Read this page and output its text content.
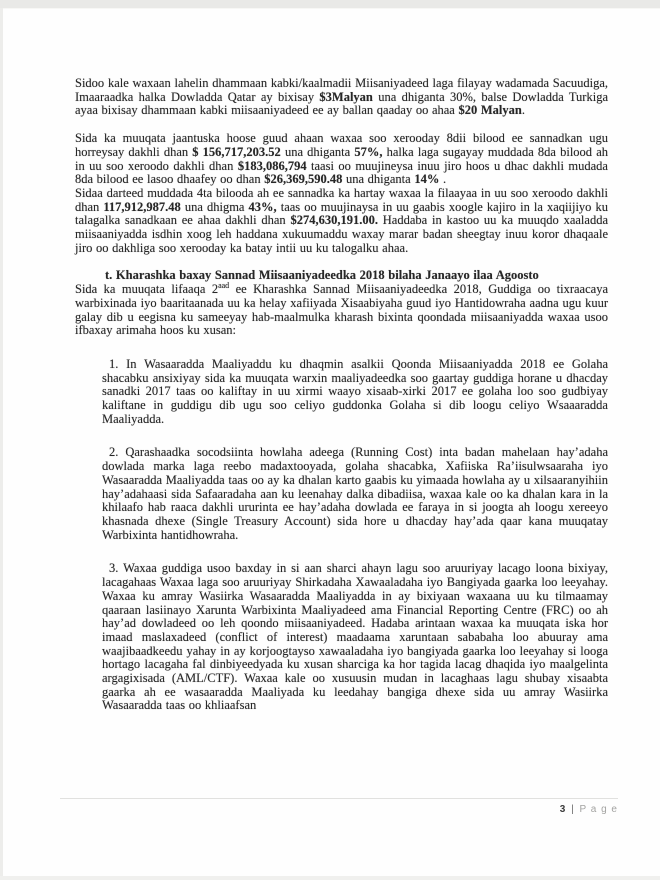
Sidoo kale waxaan lahelin dhammaan kabki/kaalmadii Miisaniyadeed laga filayay wadamada Sacuudiga, Imaaraadka halka Dowladda Qatar ay bixisay $3Malyan una dhiganta 30%, balse Dowladda Turkiga ayaa bixisay dhammaan kabki miisaaniyadeed ee ay ballan qaaday oo ahaa $20 Malyan.

Sida ka muuqata jaantuska hoose guud ahaan waxaa soo xerooday 8dii bilood ee sannadkan ugu horreysay dakhli dhan $ 156,717,203.52 una dhiganta 57%, halka laga sugayay muddada 8da bilood ah in uu soo xeroodo dakhli dhan $183,086,794 taasi oo muujineysa inuu jiro hoos u dhac dakhli mudada 8da bilood ee lasoo dhaafey oo dhan $26,369,590.48 una dhiganta 14% .
Sidaa darteed muddada 4ta bilooda ah ee sannadka ka hartay waxaa la filaayaa in uu soo xeroodo dakhli dhan 117,912,987.48 una dhigma 43%, taas oo muujinaysa in uu gaabis xoogle kajiro in la xaqiijiyo ku talagalka sanadkaan ee ahaa dakhli dhan $274,630,191.00. Haddaba in kastoo uu ka muuqdo xaaladda miisaaniyadda isdhin xoog leh haddana xukuumaddu waxay marar badan sheegtay inuu koror dhaqaale jiro oo dakhliga soo xerooday ka batay intii uu ku talogalku ahaa.

t. Kharashka baxay Sannad Miisaaniyadeedka 2018 bilaha Janaayo ilaa Agoosto

Sida ka muuqata lifaaqa $2^{aad}$ ee Kharashka Sannad Miisaaniyadeedka 2018, Guddiga oo tixraacaya warbixinada iyo baaritaanada uu ka helay xafiiyada Xisaabiyaha guud iyo Hantidowraha aadna ugu kuur galay dib u eegisna ku sameeyay hab-maalmulka kharash bixinta qoondada miisaaniyadda waxaa usoo ifbaxay arimaha hoos ku xusan:

1. In Wasaaradda Maaliyaddu ku dhaqmin asalkii Qoonda Miisaaniyadda 2018 ee Golaha shacabku ansixiyay sida ka muuqata warxin maaliyadeedka soo gaartay guddiga horane u dhacday sanadki 2017 taas oo kaliftay in uu xirmi waayo xisaab-xirki 2017 ee golaha loo soo gudbiyay kaliftane in guddigu dib ugu soo celiyo guddonka Golaha si dib loogu celiyo Wsaaaradda Maaliyadda.

2. Qarashaadka socodsiinta howlaha adeega (Running Cost) inta badan mahelaan hay’adaha dowlada marka laga reebo madaxtooyada, golaha shacabka, Xafiiska Ra’iisulwsaaraha iyo Wasaaradda Maaliyadda taas oo ay ka dhalan karto gaabis ku yimaada howlaha ay u xilsaaranyihiin hay’adahaasi sida Safaaradaha aan ku leenahay dalka dibadiisa, waxaa kale oo ka dhalan kara in la khilaafo hab raaca dakhli ururinta ee hay’adaha dowlada ee faraya in si joogta ah loogu xereeyo khasnada dhexe (Single Treasury Account) sida hore u dhacday hay’ada qaar kana muuqatay Warbixinta hantidhowraha.

3. Waxaa guddiga usoo baxday in si aan sharci ahayn lagu soo aruuriyay lacago loona bixiyay, lacagahaas Waxaa laga soo aruuriyay Shirkadaha Xawaaladaha iyo Bangiyada gaarka loo leeyahay. Waxaa ku amray Wasiirka Wasaaradda Maaliyadda in ay bixiyaan waxaana uu ku tilmaamay qaaraan lasiinayo Xarunta Warbixinta Maaliyadeed ama Financial Reporting Centre (FRC) oo ah hay’ad dowladeed oo leh qoondo miisaaniyadeed. Hadaba arintaan waxaa ka muuqata iska hor imaad maslaxadeed (conflict of interest) maadaama xaruntaan sababaha loo abuuray ama waajibaadkeedu yahay in ay korjoogtayso xawaaladaha iyo bangiyada gaarka loo leeyahay si looga hortago lacagaha fal dinbiyeedyada ku xusan sharciga ka hor tagida lacag dhaqida iyo maalgelinta argagixisada (AML/CTF). Waxaa kale oo xusuusin mudan in lacaghaas lagu shubay xisaabta gaarka ah ee wasaaradda Maaliyada ku leedahay bangiga dhexe sida uu amray Wasiirka Wasaaradda taas oo khliaafsan

3 | P a g e
